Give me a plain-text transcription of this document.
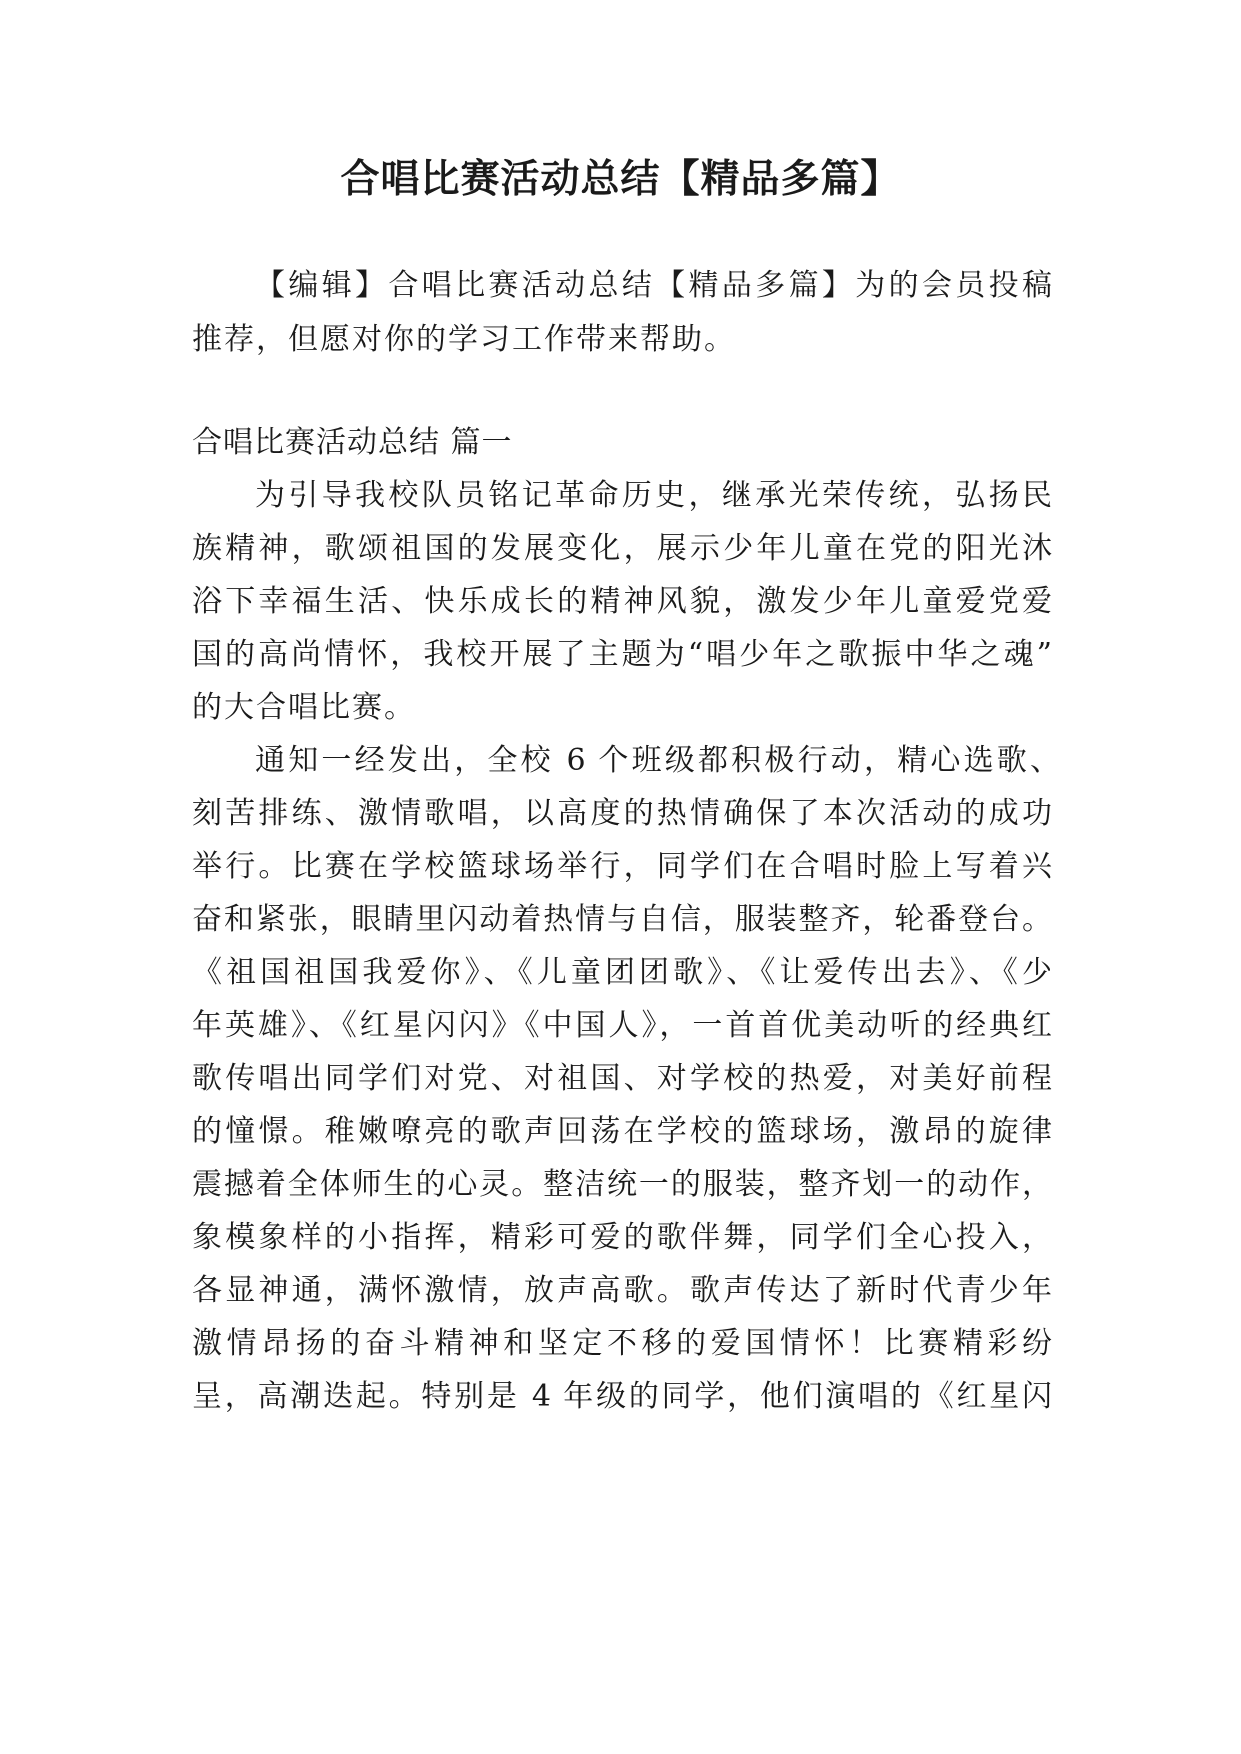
合唱比赛活动总结【精品多篇】
【编辑】合唱比赛活动总结【精品多篇】为的会员投稿
推荐，但愿对你的学习工作带来帮助。
合唱比赛活动总结 篇一
为引导我校队员铭记革命历史，继承光荣传统，弘扬民
族精神，歌颂祖国的发展变化，展示少年儿童在党的阳光沐
浴下幸福生活、快乐成长的精神风貌，激发少年儿童爱党爱
国的高尚情怀，我校开展了主题为“唱少年之歌振中华之魂”
的大合唱比赛。
通知一经发出，全校 6 个班级都积极行动，精心选歌、
刻苦排练、激情歌唱，以高度的热情确保了本次活动的成功
举行。比赛在学校篮球场举行，同学们在合唱时脸上写着兴
奋和紧张，眼睛里闪动着热情与自信，服装整齐，轮番登台。
《祖国祖国我爱你》、《儿童团团歌》、《让爱传出去》、《少
年英雄》、《红星闪闪》《中国人》，一首首优美动听的经典红
歌传唱出同学们对党、对祖国、对学校的热爱，对美好前程
的憧憬。稚嫩嘹亮的歌声回荡在学校的篮球场，激昂的旋律
震撼着全体师生的心灵。整洁统一的服装，整齐划一的动作，
象模象样的小指挥，精彩可爱的歌伴舞，同学们全心投入，
各显神通，满怀激情，放声高歌。歌声传达了新时代青少年
激情昂扬的奋斗精神和坚定不移的爱国情怀！比赛精彩纷
呈，高潮迭起。特别是 4 年级的同学，他们演唱的《红星闪
